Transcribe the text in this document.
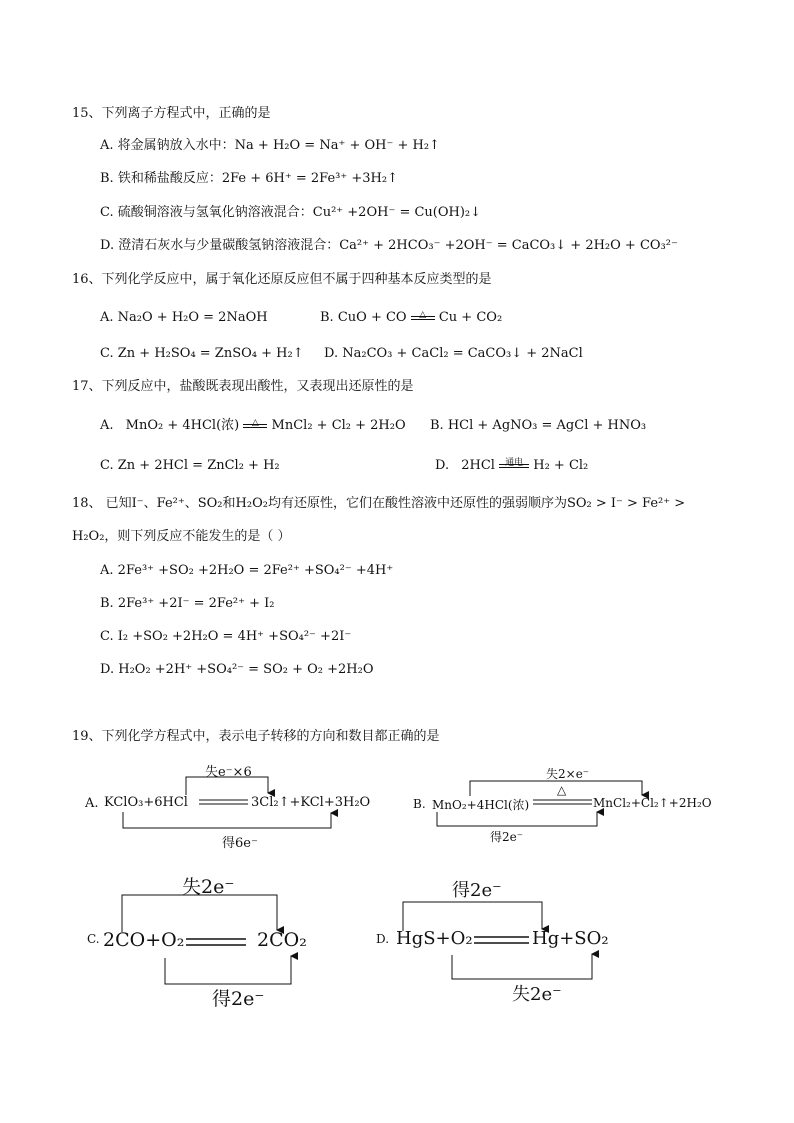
15、下列离子方程式中，正确的是
A. 将金属钠放入水中：Na + H₂O = Na⁺ + OH⁻ + H₂↑
B. 铁和稀盐酸反应：2Fe + 6H⁺ = 2Fe³⁺ +3H₂↑
C. 硫酸铜溶液与氢氧化钠溶液混合：Cu²⁺ +2OH⁻ = Cu(OH)₂↓
D. 澄清石灰水与少量碳酸氢钠溶液混合：Ca²⁺ + 2HCO₃⁻ +2OH⁻ = CaCO₃↓ + 2H₂O + CO₃²⁻
16、下列化学反应中，属于氧化还原反应但不属于四种基本反应类型的是
A. Na₂O + H₂O = 2NaOH	B. CuO + CO	△ Cu + CO₂
C. Zn + H₂SO₄ = ZnSO₄ + H₂↑ D. Na₂CO₃ + CaCl₂ = CaCO₃↓ + 2NaCl
17、下列反应中，盐酸既表现出酸性，又表现出还原性的是
A. MnO₂ + 4HCl(浓)	△ MnCl₂ + Cl₂ + 2H₂O B. HCl + AgNO₃ = AgCl + HNO₃
C. Zn + 2HCl = ZnCl₂ + H₂	D. 2HCl	通电 H₂ + Cl₂
18、 已知I⁻、Fe²⁺、SO₂和H₂O₂均有还原性，它们在酸性溶液中还原性的强弱顺序为SO₂ > I⁻ > Fe²⁺ >
H₂O₂，则下列反应不能发生的是（ ）
A. 2Fe³⁺ +SO₂ +2H₂O = 2Fe²⁺ +SO₄²⁻ +4H⁺
B. 2Fe³⁺ +2I⁻ = 2Fe²⁺ + I₂
C. I₂ +SO₂ +2H₂O = 4H⁺ +SO₄²⁻ +2I⁻
D. H₂O₂ +2H⁺ +SO₄²⁻ = SO₂ + O₂ +2H₂O
19、下列化学方程式中，表示电子转移的方向和数目都正确的是
A. KClO₃+6HCl	3Cl₂↑+KCl+3H₂O
失e⁻×6
得6e⁻
B. MnO₂+4HCl(浓)
△
MnCl₂+Cl₂↑+2H₂O
失2×e⁻
得2e⁻
C. 2CO+O₂	2CO₂
失2e⁻
得2e⁻
D. HgS+O₂	Hg+SO₂
得2e⁻
失2e⁻
